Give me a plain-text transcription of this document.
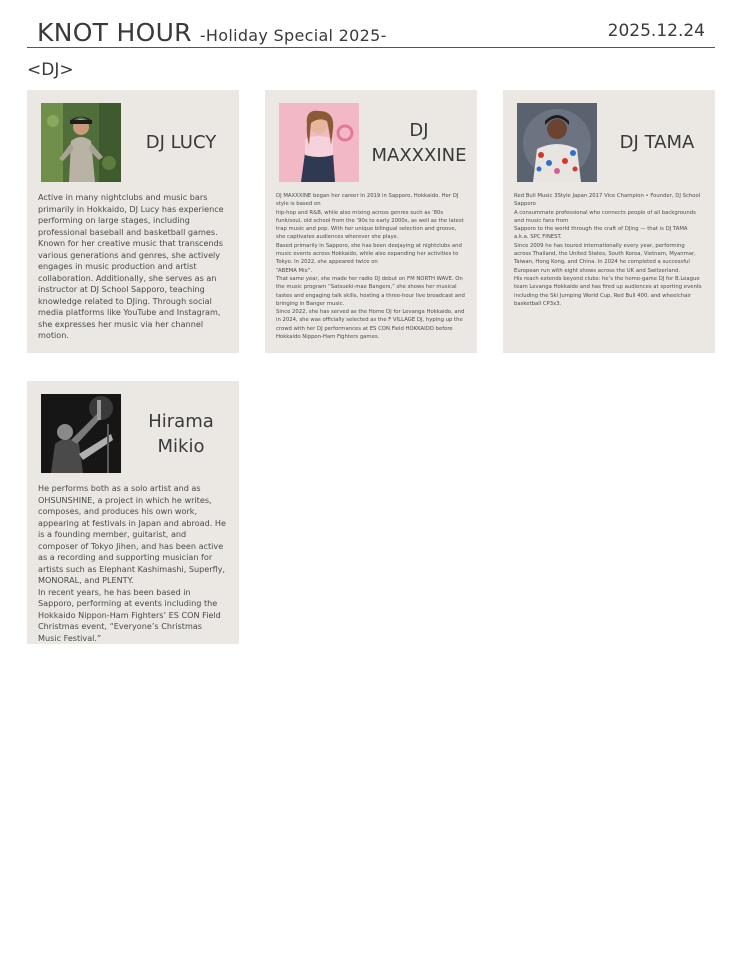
KNOT HOUR -Holiday Special 2025-	2025.12.24
<DJ>
DJ LUCY
Active in many nightclubs and music bars primarily in Hokkaido, DJ Lucy has experience performing on large stages, including professional baseball and basketball games. Known for her creative music that transcends various generations and genres, she actively engages in music production and artist collaboration. Additionally, she serves as an instructor at DJ School Sapporo, teaching knowledge related to DJing. Through social media platforms like YouTube and Instagram, she expresses her music via her channel motion.
DJ MAXXXINE
DJ MAXXXINE began her career in 2019 in Sapporo, Hokkaido. Her DJ style is based on
hip-hop and R&B, while also mixing across genres such as ’80s funk/soul, old school from the ’90s to early 2000s, as well as the latest trap music and pop. With her unique bilingual selection and groove, she captivates audiences wherever she plays.
Based primarily in Sapporo, she has been deejaying at nightclubs and music events across Hokkaido, while also expanding her activities to Tokyo. In 2022, she appeared twice on
“ABEMA Mix”.
That same year, she made her radio DJ debut on FM NORTH WAVE. On the music program “Satsueki-mae Bangers,” she shows her musical tastes and engaging talk skills, hosting a three-hour live broadcast and bringing in Banger music.
Since 2022, she has served as the Home DJ for Levanga Hokkaido, and in 2024, she was officially selected as the F VILLAGE DJ, hyping up the crowd with her DJ performances at ES CON Field HOKKAIDO before Hokkaido Nippon-Ham Fighters games.
DJ TAMA
Red Bull Music 3Style Japan 2017 Vice Champion • Founder, DJ School Sapporo
A consummate professional who connects people of all backgrounds and music fans from
Sapporo to the world through the craft of DJing — that is DJ TAMA a.k.a. SPC FINEST.
Since 2009 he has toured internationally every year, performing across Thailand, the United States, South Korea, Vietnam, Myanmar, Taiwan, Hong Kong, and China. In 2024 he completed a successful European run with eight shows across the UK and Switzerland.
His reach extends beyond clubs: he’s the home-game DJ for B.League team Levanga Hokkaido and has fired up audiences at sporting events including the Ski Jumping World Cup, Red Bull 400, and wheelchair basketball CP3x3.
Hirama Mikio
He performs both as a solo artist and as OHSUNSHINE, a project in which he writes, composes, and produces his own work, appearing at festivals in Japan and abroad. He is a founding member, guitarist, and composer of Tokyo Jihen, and has been active as a recording and supporting musician for artists such as Elephant Kashimashi, Superfly, MONORAL, and PLENTY.
In recent years, he has been based in Sapporo, performing at events including the Hokkaido Nippon-Ham Fighters’ ES CON Field Christmas event, “Everyone’s Christmas Music Festival.”
